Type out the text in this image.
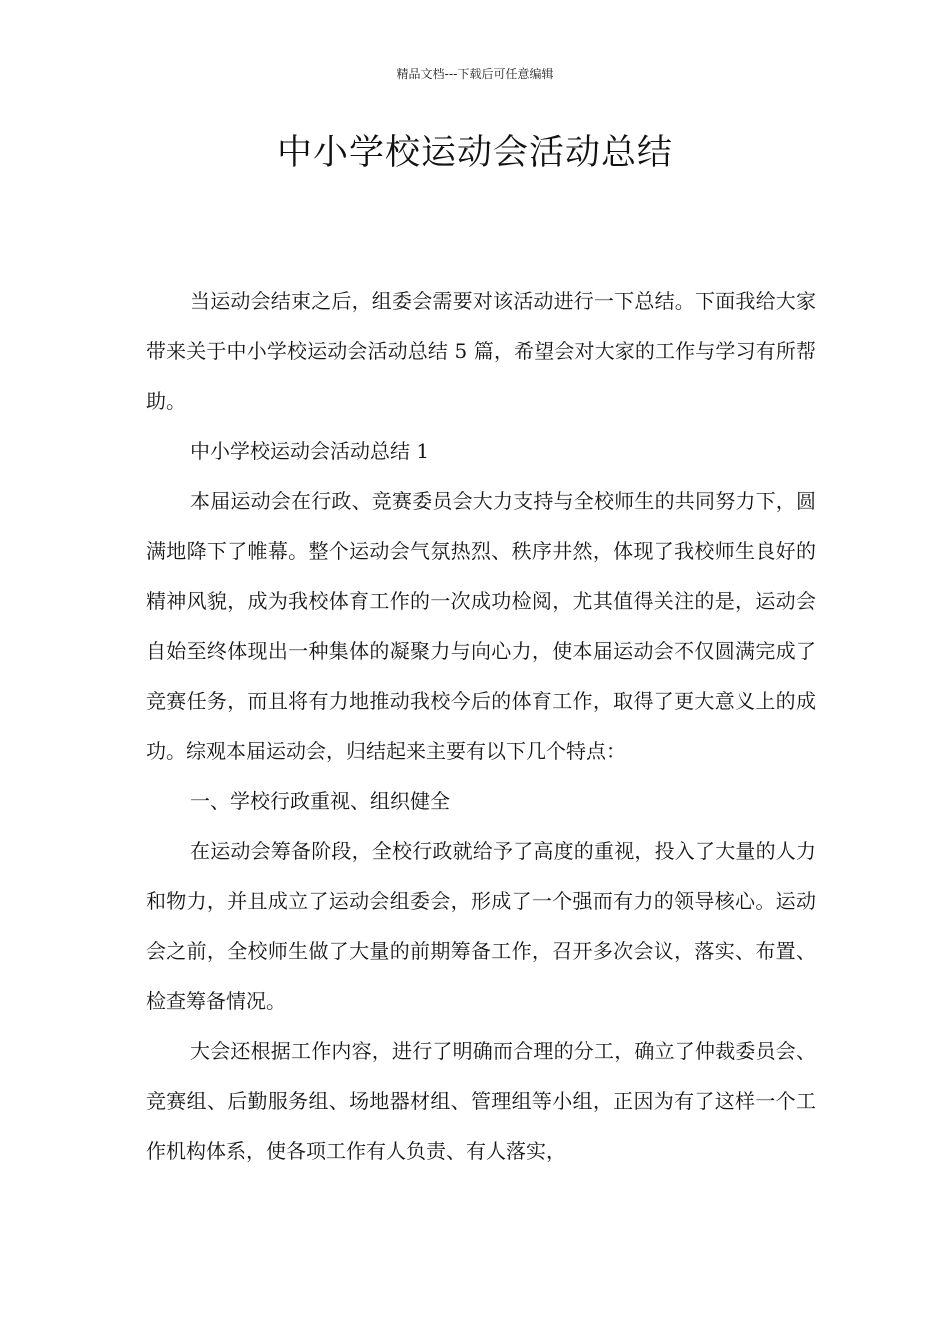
精品文档---下载后可任意编辑
中小学校运动会活动总结

当运动会结束之后，组委会需要对该活动进行一下总结。下面我给大家带来关于中小学校运动会活动总结 5 篇，希望会对大家的工作与学习有所帮助。

中小学校运动会活动总结 1

本届运动会在行政、竞赛委员会大力支持与全校师生的共同努力下，圆满地降下了帷幕。整个运动会气氛热烈、秩序井然，体现了我校师生良好的精神风貌，成为我校体育工作的一次成功检阅，尤其值得关注的是，运动会自始至终体现出一种集体的凝聚力与向心力，使本届运动会不仅圆满完成了竞赛任务，而且将有力地推动我校今后的体育工作，取得了更大意义上的成功。综观本届运动会，归结起来主要有以下几个特点：

一、学校行政重视、组织健全

在运动会筹备阶段，全校行政就给予了高度的重视，投入了大量的人力和物力，并且成立了运动会组委会，形成了一个强而有力的领导核心。运动会之前，全校师生做了大量的前期筹备工作，召开多次会议，落实、布置、检查筹备情况。

大会还根据工作内容，进行了明确而合理的分工，确立了仲裁委员会、竞赛组、后勤服务组、场地器材组、管理组等小组，正因为有了这样一个工作机构体系，使各项工作有人负责、有人落实，
